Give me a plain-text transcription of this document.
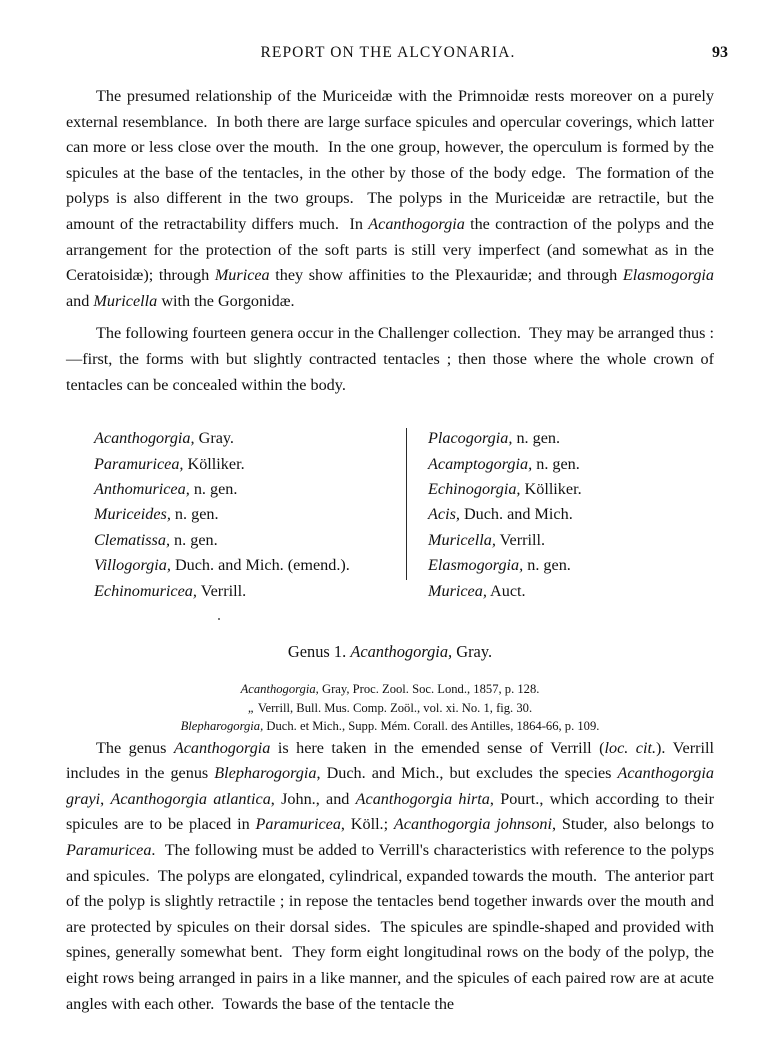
REPORT ON THE ALCYONARIA.	93

The presumed relationship of the Muriceidæ with the Primnoidæ rests moreover on a purely external resemblance.  In both there are large surface spicules and opercular coverings, which latter can more or less close over the mouth.  In the one group, however, the operculum is formed by the spicules at the base of the tentacles, in the other by those of the body edge.  The formation of the polyps is also different in the two groups.  The polyps in the Muriceidæ are retractile, but the amount of the retractability differs much.  In Acanthogorgia the contraction of the polyps and the arrangement for the protection of the soft parts is still very imperfect (and somewhat as in the Ceratoisidæ); through Muricea they show affinities to the Plexauridæ; and through Elasmogorgia and Muricella with the Gorgonidæ.

The following fourteen genera occur in the Challenger collection.  They may be arranged thus :—first, the forms with but slightly contracted tentacles ; then those where the whole crown of tentacles can be concealed within the body.

Acanthogorgia, Gray.
Paramuricea, Kölliker.
Anthomuricea, n. gen.
Muriceides, n. gen.
Clematissa, n. gen.
Villogorgia, Duch. and Mich. (emend.).
Echinomuricea, Verrill.
Placogorgia, n. gen.
Acamptogorgia, n. gen.
Echinogorgia, Kölliker.
Acis, Duch. and Mich.
Muricella, Verrill.
Elasmogorgia, n. gen.
Muricea, Auct.
Genus 1. Acanthogorgia, Gray.
Acanthogorgia, Gray, Proc. Zool. Soc. Lond., 1857, p. 128.
„ Verrill, Bull. Mus. Comp. Zoöl., vol. xi. No. 1, fig. 30.
Blepharogorgia, Duch. et Mich., Supp. Mém. Corall. des Antilles, 1864-66, p. 109.

The genus Acanthogorgia is here taken in the emended sense of Verrill (loc. cit.). Verrill includes in the genus Blepharogorgia, Duch. and Mich., but excludes the species Acanthogorgia grayi, Acanthogorgia atlantica, John., and Acanthogorgia hirta, Pourt., which according to their spicules are to be placed in Paramuricea, Köll.; Acanthogorgia johnsoni, Studer, also belongs to Paramuricea.  The following must be added to Verrill's characteristics with reference to the polyps and spicules.  The polyps are elongated, cylindrical, expanded towards the mouth.  The anterior part of the polyp is slightly retractile ; in repose the tentacles bend together inwards over the mouth and are protected by spicules on their dorsal sides.  The spicules are spindle-shaped and provided with spines, generally somewhat bent.  They form eight longitudinal rows on the body of the polyp, the eight rows being arranged in pairs in a like manner, and the spicules of each paired row are at acute angles with each other.  Towards the base of the tentacle the
